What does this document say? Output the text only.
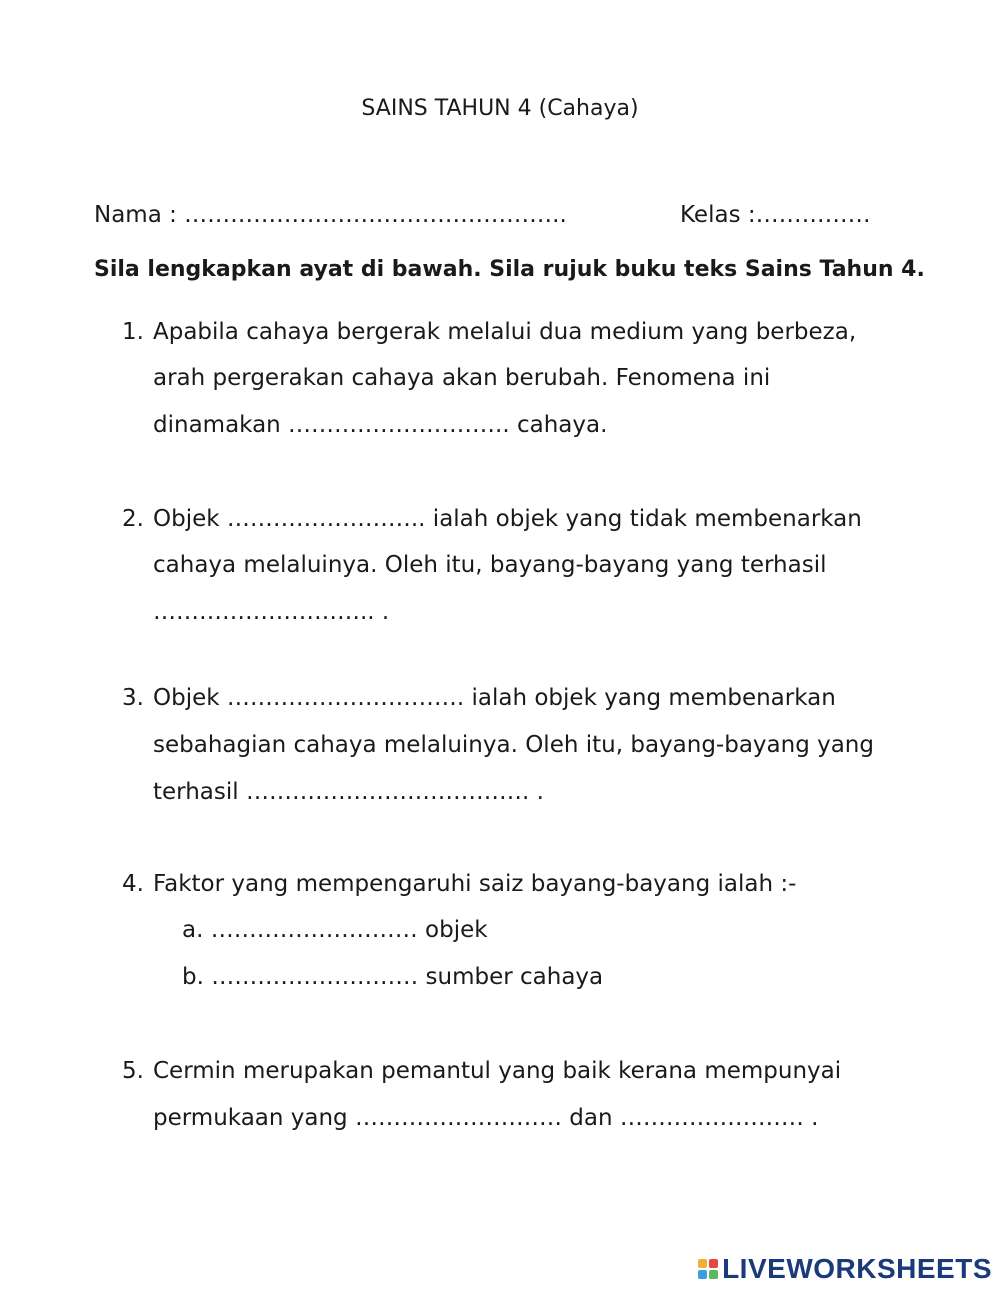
SAINS TAHUN 4 (Cahaya)
Nama : …………………………………………..	Kelas :……………
Sila lengkapkan ayat di bawah. Sila rujuk buku teks Sains Tahun 4.
1. Apabila cahaya bergerak melalui dua medium yang berbeza,
arah pergerakan cahaya akan berubah. Fenomena ini
dinamakan ……………………….. cahaya.
2. Objek …………………….. ialah objek yang tidak membenarkan
cahaya melaluinya. Oleh itu, bayang-bayang yang terhasil
……………………….. .
3. Objek …………………………. ialah objek yang membenarkan
sebahagian cahaya melaluinya. Oleh itu, bayang-bayang yang
terhasil ………………………………. .
4. Faktor yang mempengaruhi saiz bayang-bayang ialah :-
a. ……………………… objek
b. ……………………… sumber cahaya
5. Cermin merupakan pemantul yang baik kerana mempunyai
permukaan yang ……………………… dan …………………… .
LIVEWORKSHEETS
